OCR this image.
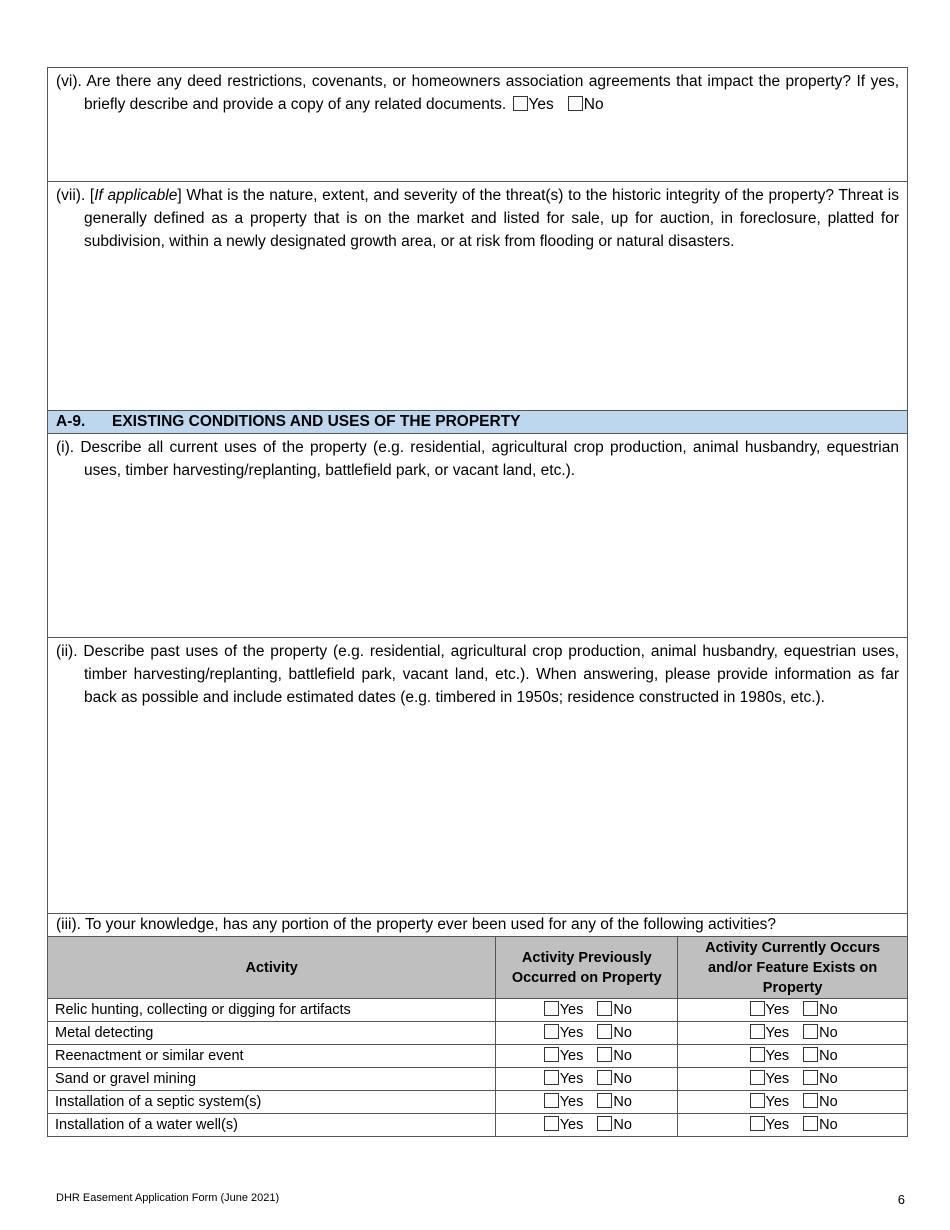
(vi). Are there any deed restrictions, covenants, or homeowners association agreements that impact the property? If yes, briefly describe and provide a copy of any related documents. Yes No

(vii). [If applicable] What is the nature, extent, and severity of the threat(s) to the historic integrity of the property? Threat is generally defined as a property that is on the market and listed for sale, up for auction, in foreclosure, platted for subdivision, within a newly designated growth area, or at risk from flooding or natural disasters.

A-9. EXISTING CONDITIONS AND USES OF THE PROPERTY

(i). Describe all current uses of the property (e.g. residential, agricultural crop production, animal husbandry, equestrian uses, timber harvesting/replanting, battlefield park, or vacant land, etc.).

(ii). Describe past uses of the property (e.g. residential, agricultural crop production, animal husbandry, equestrian uses, timber harvesting/replanting, battlefield park, vacant land, etc.). When answering, please provide information as far back as possible and include estimated dates (e.g. timbered in 1950s; residence constructed in 1980s, etc.).

(iii). To your knowledge, has any portion of the property ever been used for any of the following activities?
Activity	Activity Previously Occurred on Property	Activity Currently Occurs and/or Feature Exists on Property
Relic hunting, collecting or digging for artifacts	Yes No	Yes No
Metal detecting	Yes No	Yes No
Reenactment or similar event	Yes No	Yes No
Sand or gravel mining	Yes No	Yes No
Installation of a septic system(s)	Yes No	Yes No
Installation of a water well(s)	Yes No	Yes No
DHR Easement Application Form (June 2021)	6
